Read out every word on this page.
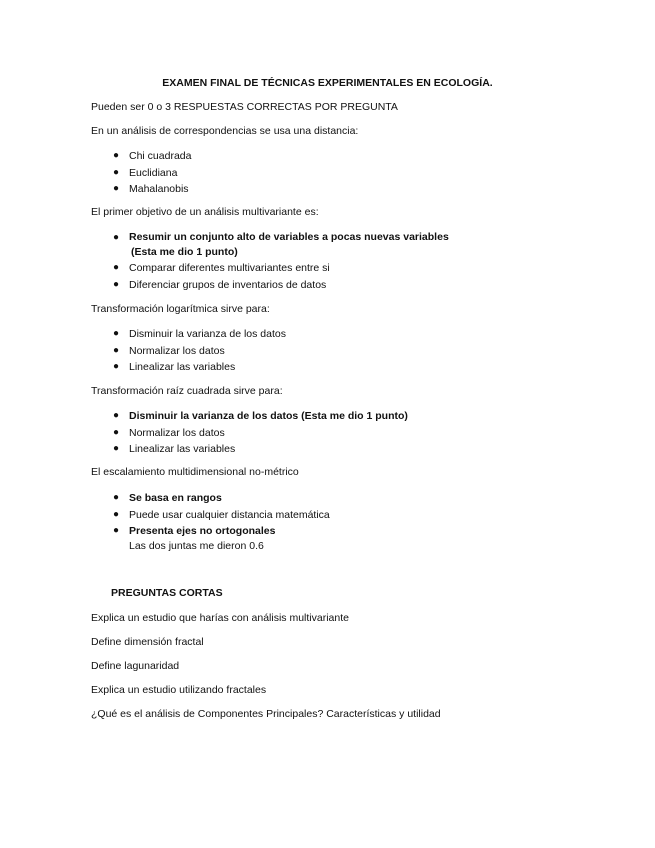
EXAMEN FINAL DE TÉCNICAS EXPERIMENTALES EN ECOLOGÍA.
Pueden ser 0 o 3 RESPUESTAS CORRECTAS POR PREGUNTA
En un análisis de correspondencias se usa una distancia:
● Chi cuadrada
● Euclidiana
● Mahalanobis
El primer objetivo de un análisis multivariante es:
● Resumir un conjunto alto de variables a pocas nuevas variables
(Esta me dio 1 punto)
● Comparar diferentes multivariantes entre si
● Diferenciar grupos de inventarios de datos
Transformación logarítmica sirve para:
● Disminuir la varianza de los datos
● Normalizar los datos
● Linealizar las variables
Transformación raíz cuadrada sirve para:
● Disminuir la varianza de los datos (Esta me dio 1 punto)
● Normalizar los datos
● Linealizar las variables
El escalamiento multidimensional no-métrico
● Se basa en rangos
● Puede usar cualquier distancia matemática
● Presenta ejes no ortogonales
Las dos juntas me dieron 0.6
PREGUNTAS CORTAS
Explica un estudio que harías con análisis multivariante
Define dimensión fractal
Define lagunaridad
Explica un estudio utilizando fractales
¿Qué es el análisis de Componentes Principales? Características y utilidad
